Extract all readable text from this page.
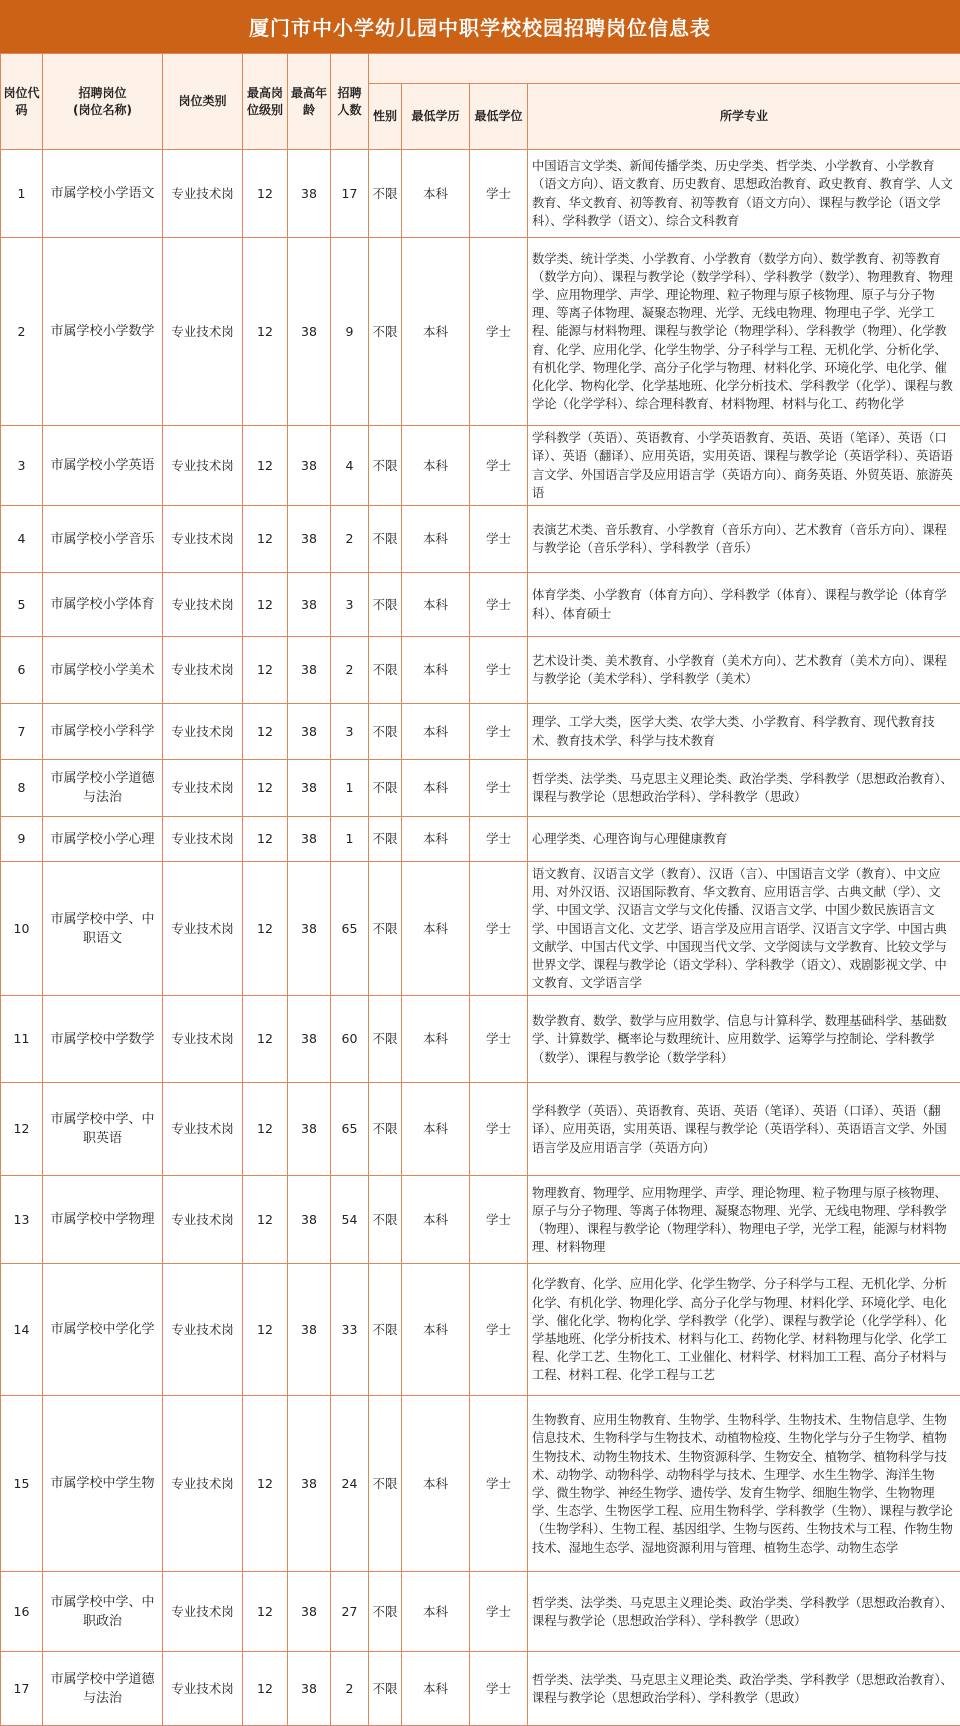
厦门市中小学幼儿园中职学校校园招聘岗位信息表
岗位代码	招聘岗位
(岗位名称)	岗位类别	最高岗位级别	最高年龄	招聘人数				
						性别	最低学历	最低学位	所学专业
1	市属学校小学语文	专业技术岗	12	38	17	不限	本科	学士	中国语言文学类、新闻传播学类、历史学类、哲学类、小学教育、小学教育（语文方向）、语文教育、历史教育、思想政治教育、政史教育、教育学、人文教育、华文教育、初等教育、初等教育（语文方向）、课程与教学论（语文学科）、学科教学（语文）、综合文科教育
2	市属学校小学数学	专业技术岗	12	38	9	不限	本科	学士	数学类、统计学类、小学教育、小学教育（数学方向）、数学教育、初等教育（数学方向）、课程与教学论（数学学科）、学科教学（数学）、物理教育、物理学、应用物理学、声学、理论物理、粒子物理与原子核物理、原子与分子物理、等离子体物理、凝聚态物理、光学、无线电物理、物理电子学、光学工程、能源与材料物理、课程与教学论（物理学科）、学科教学（物理）、化学教育、化学、应用化学、化学生物学、分子科学与工程、无机化学、分析化学、有机化学、物理化学、高分子化学与物理、材料化学、环境化学、电化学、催化化学、物构化学、化学基地班、化学分析技术、学科教学（化学）、课程与教学论（化学学科）、综合理科教育、材料物理、材料与化工、药物化学
3	市属学校小学英语	专业技术岗	12	38	4	不限	本科	学士	学科教学（英语）、英语教育、小学英语教育、英语、英语（笔译）、英语（口译）、英语（翻译）、应用英语，实用英语、课程与教学论（英语学科）、英语语言文学、外国语言学及应用语言学（英语方向）、商务英语、外贸英语、旅游英语
4	市属学校小学音乐	专业技术岗	12	38	2	不限	本科	学士	表演艺术类、音乐教育、小学教育（音乐方向）、艺术教育（音乐方向）、课程与教学论（音乐学科）、学科教学（音乐）
5	市属学校小学体育	专业技术岗	12	38	3	不限	本科	学士	体育学类、小学教育（体育方向）、学科教学（体育）、课程与教学论（体育学科）、体育硕士
6	市属学校小学美术	专业技术岗	12	38	2	不限	本科	学士	艺术设计类、美术教育、小学教育（美术方向）、艺术教育（美术方向）、课程与教学论（美术学科）、学科教学（美术）
7	市属学校小学科学	专业技术岗	12	38	3	不限	本科	学士	理学、工学大类，医学大类、农学大类、小学教育、科学教育、现代教育技术、教育技术学、科学与技术教育
8	市属学校小学道德与法治	专业技术岗	12	38	1	不限	本科	学士	哲学类、法学类、马克思主义理论类、政治学类、学科教学（思想政治教育）、课程与教学论（思想政治学科）、学科教学（思政）
9	市属学校小学心理	专业技术岗	12	38	1	不限	本科	学士	心理学类、心理咨询与心理健康教育
10	市属学校中学、中职语文	专业技术岗	12	38	65	不限	本科	学士	语文教育、汉语言文学（教育）、汉语（言）、中国语言文学（教育）、中文应用、对外汉语、汉语国际教育、华文教育、应用语言学、古典文献（学）、文学、中国文学、汉语言文学与文化传播、汉语言文学、中国少数民族语言文学、中国语言文化、文艺学、语言学及应用言语学、汉语言文字学、中国古典文献学、中国古代文学、中国现当代文学、文学阅读与文学教育、比较文学与世界文学、课程与教学论（语文学科）、学科教学（语文）、戏剧影视文学、中文教育、文学语言学
11	市属学校中学数学	专业技术岗	12	38	60	不限	本科	学士	数学教育、数学、数学与应用数学、信息与计算科学、数理基础科学、基础数学、计算数学、概率论与数理统计、应用数学、运筹学与控制论、学科教学（数学）、课程与教学论（数学学科）
12	市属学校中学、中职英语	专业技术岗	12	38	65	不限	本科	学士	学科教学（英语）、英语教育、英语、英语（笔译）、英语（口译）、英语（翻译）、应用英语，实用英语、课程与教学论（英语学科）、英语语言文学、外国语言学及应用语言学（英语方向）
13	市属学校中学物理	专业技术岗	12	38	54	不限	本科	学士	物理教育、物理学、应用物理学、声学、理论物理、粒子物理与原子核物理、原子与分子物理、等离子体物理、凝聚态物理、光学、无线电物理、学科教学（物理）、课程与教学论（物理学科）、物理电子学，光学工程，能源与材料物理、材料物理
14	市属学校中学化学	专业技术岗	12	38	33	不限	本科	学士	化学教育、化学、应用化学、化学生物学、分子科学与工程、无机化学、分析化学、有机化学、物理化学、高分子化学与物理、材料化学、环境化学、电化学、催化化学、物构化学、学科教学（化学）、课程与教学论（化学学科）、化学基地班、化学分析技术、材料与化工、药物化学、材料物理与化学、化学工程、化学工艺、生物化工、工业催化、材料学、材料加工工程、高分子材料与工程、材料工程、化学工程与工艺
15	市属学校中学生物	专业技术岗	12	38	24	不限	本科	学士	生物教育、应用生物教育、生物学、生物科学、生物技术、生物信息学、生物信息技术、生物科学与生物技术、动植物检疫、生物化学与分子生物学、植物生物技术、动物生物技术、生物资源科学、生物安全、植物学、植物科学与技术、动物学、动物科学、动物科学与技术、生理学、水生生物学、海洋生物学、微生物学、神经生物学、遗传学、发育生物学、细胞生物学、生物物理学、生态学、生物医学工程、应用生物科学、学科教学（生物）、课程与教学论（生物学科）、生物工程、基因组学、生物与医药、生物技术与工程、作物生物技术、湿地生态学、湿地资源利用与管理、植物生态学、动物生态学
16	市属学校中学、中职政治	专业技术岗	12	38	27	不限	本科	学士	哲学类、法学类、马克思主义理论类、政治学类、学科教学（思想政治教育）、课程与教学论（思想政治学科）、学科教学（思政）
17	市属学校中学道德与法治	专业技术岗	12	38	2	不限	本科	学士	哲学类、法学类、马克思主义理论类、政治学类、学科教学（思想政治教育）、课程与教学论（思想政治学科）、学科教学（思政）
